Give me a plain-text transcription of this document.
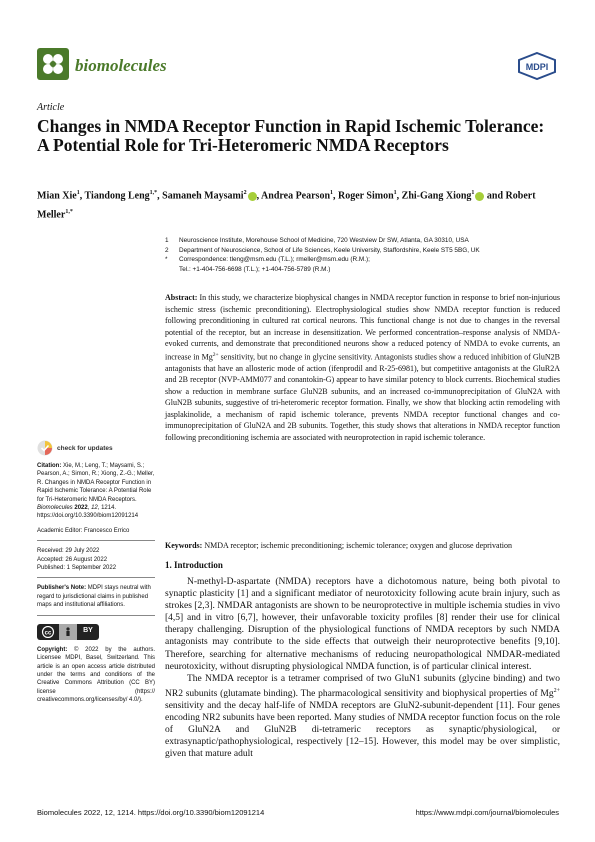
biomolecules	MDPI
Article
Changes in NMDA Receptor Function in Rapid Ischemic Tolerance: A Potential Role for Tri-Heteromeric NMDA Receptors
Mian Xie$^1$, Tiandong Leng$^{1,*}$, Samaneh Maysami$^2$ , Andrea Pearson$^1$, Roger Simon$^1$, Zhi-Gang Xiong$^1$ and Robert Meller$^{1,*}$
1	Neuroscience Institute, Morehouse School of Medicine, 720 Westview Dr SW, Atlanta, GA 30310, USA
2	Department of Neuroscience, School of Life Sciences, Keele University, Staffordshire, Keele ST5 5BG, UK
*	Correspondence: tleng@msm.edu (T.L.); rmeller@msm.edu (R.M.);
Tel.: +1-404-756-6698 (T.L.); +1-404-756-5789 (R.M.)
Abstract: In this study, we characterize biophysical changes in NMDA receptor function in response to brief non-injurious ischemic stress (ischemic preconditioning). Electrophysiological studies show NMDA receptor function is reduced following preconditioning in cultured rat cortical neurons. This functional change is not due to changes in the reversal potential of the receptor, but an increase in desensitization. We performed concentration–response analysis of NMDA-evoked currents, and demonstrate that preconditioned neurons show a reduced potency of NMDA to evoke currents, an increase in $Mg^{2+}$ sensitivity, but no change in glycine sensitivity. Antagonists studies show a reduced inhibition of GluN2B antagonists that have an allosteric mode of action (ifenprodil and R-25-6981), but competitive antagonists at the GluR2A and 2B receptor (NVP-AMM077 and conantokin-G) appear to have similar potency to block currents. Biochemical studies show a reduction in membrane surface GluN2B subunits, and an increased co-immunoprecipitation of GluN2A with GluN2B subunits, suggestive of tri-heteromeric receptor formation. Finally, we show that blocking actin remodeling with jasplakinolide, a mechanism of rapid ischemic tolerance, prevents NMDA receptor functional changes and co-immunoprecipitation of GluN2A and 2B subunits. Together, this study shows that alterations in NMDA receptor function following preconditioning ischemia are associated with neuroprotection in rapid ischemic tolerance.
Keywords: NMDA receptor; ischemic preconditioning; ischemic tolerance; oxygen and glucose deprivation
check for updates
Citation: Xie, M.; Leng, T.; Maysami, S.; Pearson, A.; Simon, R.; Xiong, Z.-G.; Meller, R. Changes in NMDA Receptor Function in Rapid Ischemic Tolerance: A Potential Role for Tri-Heteromeric NMDA Receptors. Biomolecules 2022, 12, 1214. https://doi.org/10.3390/biom12091214
Academic Editor: Francesco Errico
Received: 29 July 2022
Accepted: 26 August 2022
Published: 1 September 2022
Publisher's Note: MDPI stays neutral with regard to jurisdictional claims in published maps and institutional affiliations.
cc	BY
Copyright: © 2022 by the authors. Licensee MDPI, Basel, Switzerland. This article is an open access article distributed under the terms and conditions of the Creative Commons Attribution (CC BY) license (https:// creativecommons.org/licenses/by/ 4.0/).
1. Introduction

N-methyl-D-aspartate (NMDA) receptors have a dichotomous nature, being both pivotal to synaptic plasticity [1] and a significant mediator of neurotoxicity following acute brain injury, such as strokes [2,3]. NMDAR antagonists are shown to be neuroprotective in multiple ischemia studies in vivo [4,5] and in vitro [6,7], however, their unfavorable toxicity profiles [8] render their use for clinical therapy challenging. Disruption of the physiological functions of NMDA receptors by such NMDA antagonists may contribute to the side effects that outweigh their neuroprotective benefits [9,10]. Therefore, searching for alternative mechanisms of reducing neuropathological NMDAR-mediated neurotoxicity, without disrupting physiological NMDA function, is of particular clinical interest.

The NMDA receptor is a tetramer comprised of two GluN1 subunits (glycine binding) and two NR2 subunits (glutamate binding). The pharmacological sensitivity and biophysical properties of $Mg^{2+}$ sensitivity and the decay half-life of NMDA receptors are GluN2-subunit-dependent [11]. Four genes encoding NR2 subunits have been reported. Many studies of NMDA receptor function focus on the role of GluN2A and GluN2B di-tetrameric receptors as synaptic/physiological, or extrasynaptic/pathophysiological, respectively [12–15]. However, this model may be over simplistic, given that mature adult

Biomolecules 2022, 12, 1214. https://doi.org/10.3390/biom12091214	https://www.mdpi.com/journal/biomolecules
